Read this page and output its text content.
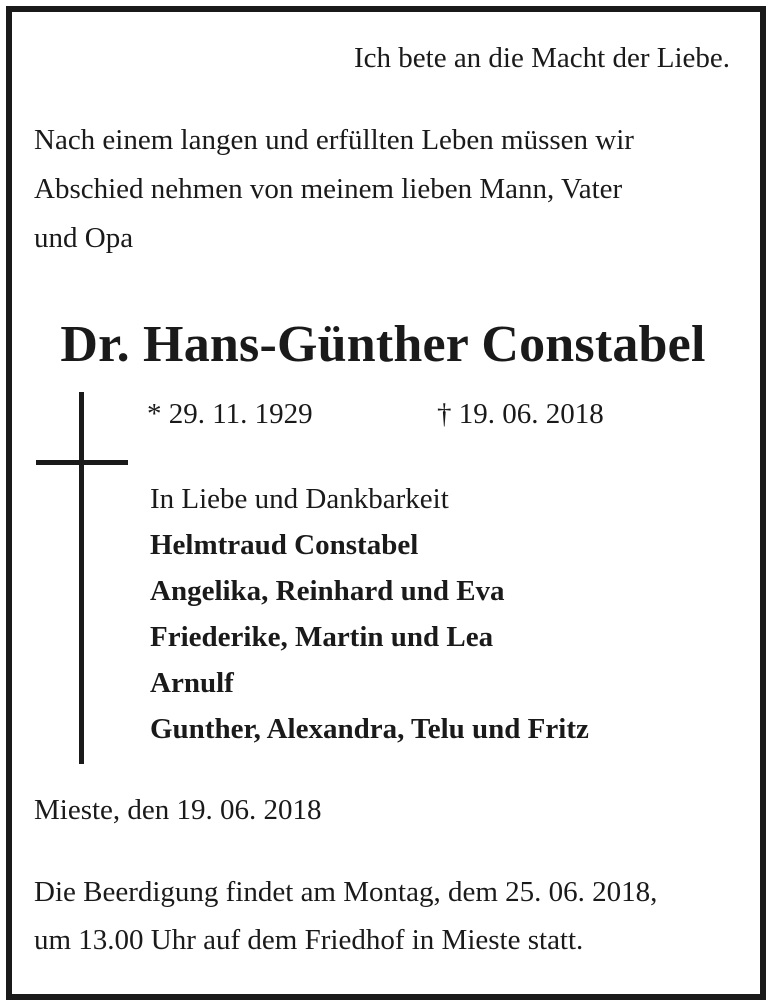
Ich bete an die Macht der Liebe.
Nach einem langen und erfüllten Leben müssen wir
Abschied nehmen von meinem lieben Mann, Vater
und Opa
Dr. Hans-Günther Constabel
* 29. 11. 1929	† 19. 06. 2018
In Liebe und Dankbarkeit
Helmtraud Constabel
Angelika, Reinhard und Eva
Friederike, Martin und Lea
Arnulf
Gunther, Alexandra, Telu und Fritz
Mieste, den 19. 06. 2018
Die Beerdigung findet am Montag, dem 25. 06. 2018,
um 13.00 Uhr auf dem Friedhof in Mieste statt.
